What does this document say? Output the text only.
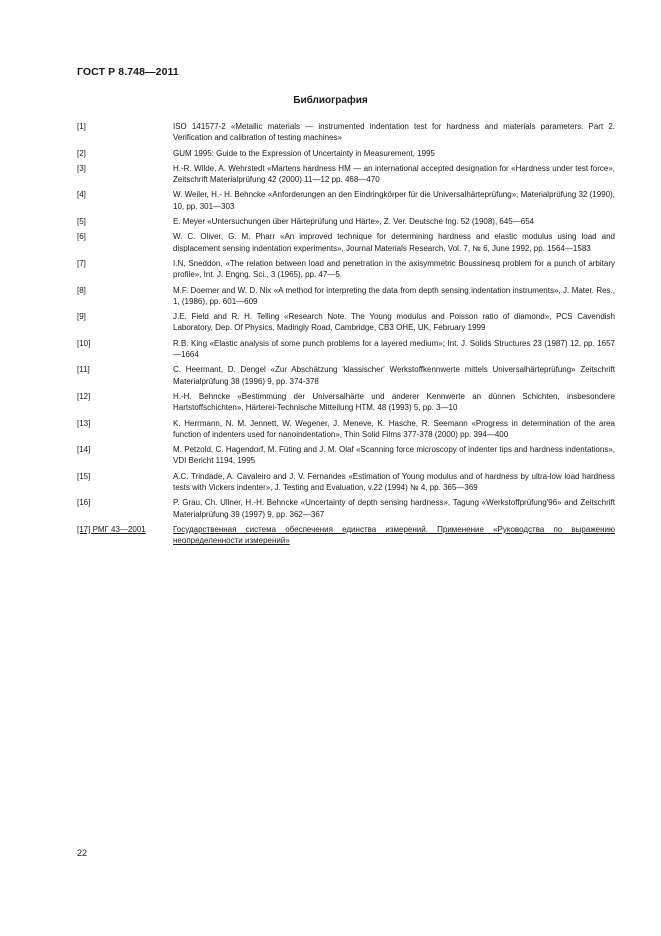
ГОСТ Р 8.748—2011
Библиография
[1]	ISO 141577-2 «Metallic materials — instrumented indentation test for hardness and materials parameters. Part 2. Verification and calibration of testing machines»
[2]	GUM 1995: Guide to the Expression of Uncertainty in Measurement, 1995
[3]	H.-R. Wilde, A. Wehrstedt «Martens hardness HM — an international accepted designation for «Hardness under test force», Zeitschrift Materialprüfung 42 (2000) 11—12 pp. 468—470
[4]	W. Weiler, H.- H. Behncke «Anforderungen an den Eindringkörper für die Universalhärteprüfung», Materialprüfung 32 (1990), 10, pp. 301—303
[5]	E. Meyer «Untersuchungen über Härteprüfung und Härte», Z. Ver. Deutsche Ing. 52 (1908), 645—654
[6]	W. C. Oliver, G. M. Pharr «An improved technique for determining hardness and elastic modulus using load and displacement sensing indentation experiments», Journal Materials Research, Vol. 7, № 6, June 1992, pp. 1564—1583
[7]	I.N, Sneddon, «The relation between load and penetration in the axisymmetric Boussinesq problem for a punch of arbitary profile», Int. J. Engng. Sci., 3 (1965), pp. 47—5.
[8]	M.F. Doerner and W. D. Nix «A method for interpreting the data from depth sensing indentation instruments», J. Mater. Res., 1, (1986), pp. 601—609
[9]	J.E. Field and R. H. Telling «Research Note. The Young modulus and Poisson ratio of diamond», PCS Cavendish Laboratory, Dep. Of Physics, Madingly Road, Cambridge, CB3 OHE, UK, February 1999
[10]	R.B. King «Elastic analysis of some punch problems for a layered medium»; Int. J. Solids Structures 23 (1987) 12, pp. 1657—1664
[11]	C. Heermant, D. Dengel «Zur Abschätzung 'klassischer' Werkstoffkennwerte mittels Universalhärteprüfung» Zeitschrift Materialprüfung 38 (1996) 9, pp. 374-378
[12]	H.-H. Behncke «Bestimmung der Universalhärte und anderer Kennwerte an dünnen Schichten, insbesondere Hartstoffschichten», Härterei-Technische Mitteilung HTM, 48 (1993) 5, pp. 3—10
[13]	K. Herrmann, N. M. Jennett, W. Wegener, J. Meneve, K. Hasche, R. Seemann «Progress in determination of the area function of indenters used for nanoindentation», Thin Solid Films 377-378 (2000) pp. 394—400
[14]	M. Petzold, C. Hagendorf, M. Füting and J. M. Olaf «Scanning force microscopy of indenter tips and hardness indentations», VDI Bericht 1194, 1995
[15]	A.C. Trindade, A. Cavaleiro and J. V. Fernandes «Estimation of Young modulus and of hardness by ultra-low load hardness tests with Vickers indenter», J. Testing and Evaluation, v.22 (1994) № 4, pp. 365—369
[16]	P. Grau, Ch. Ullner, H.-H. Behncke «Uncertainty of depth sensing hardness», Tagung «Werkstoffprüfung'96» and Zeitschrift Materialprüfung 39 (1997) 9, pp. 362—367
[17] РМГ 43—2001	Государственная система обеспечения единства измерений. Применение «Руководства по выражению неопределенности измерений»
22
